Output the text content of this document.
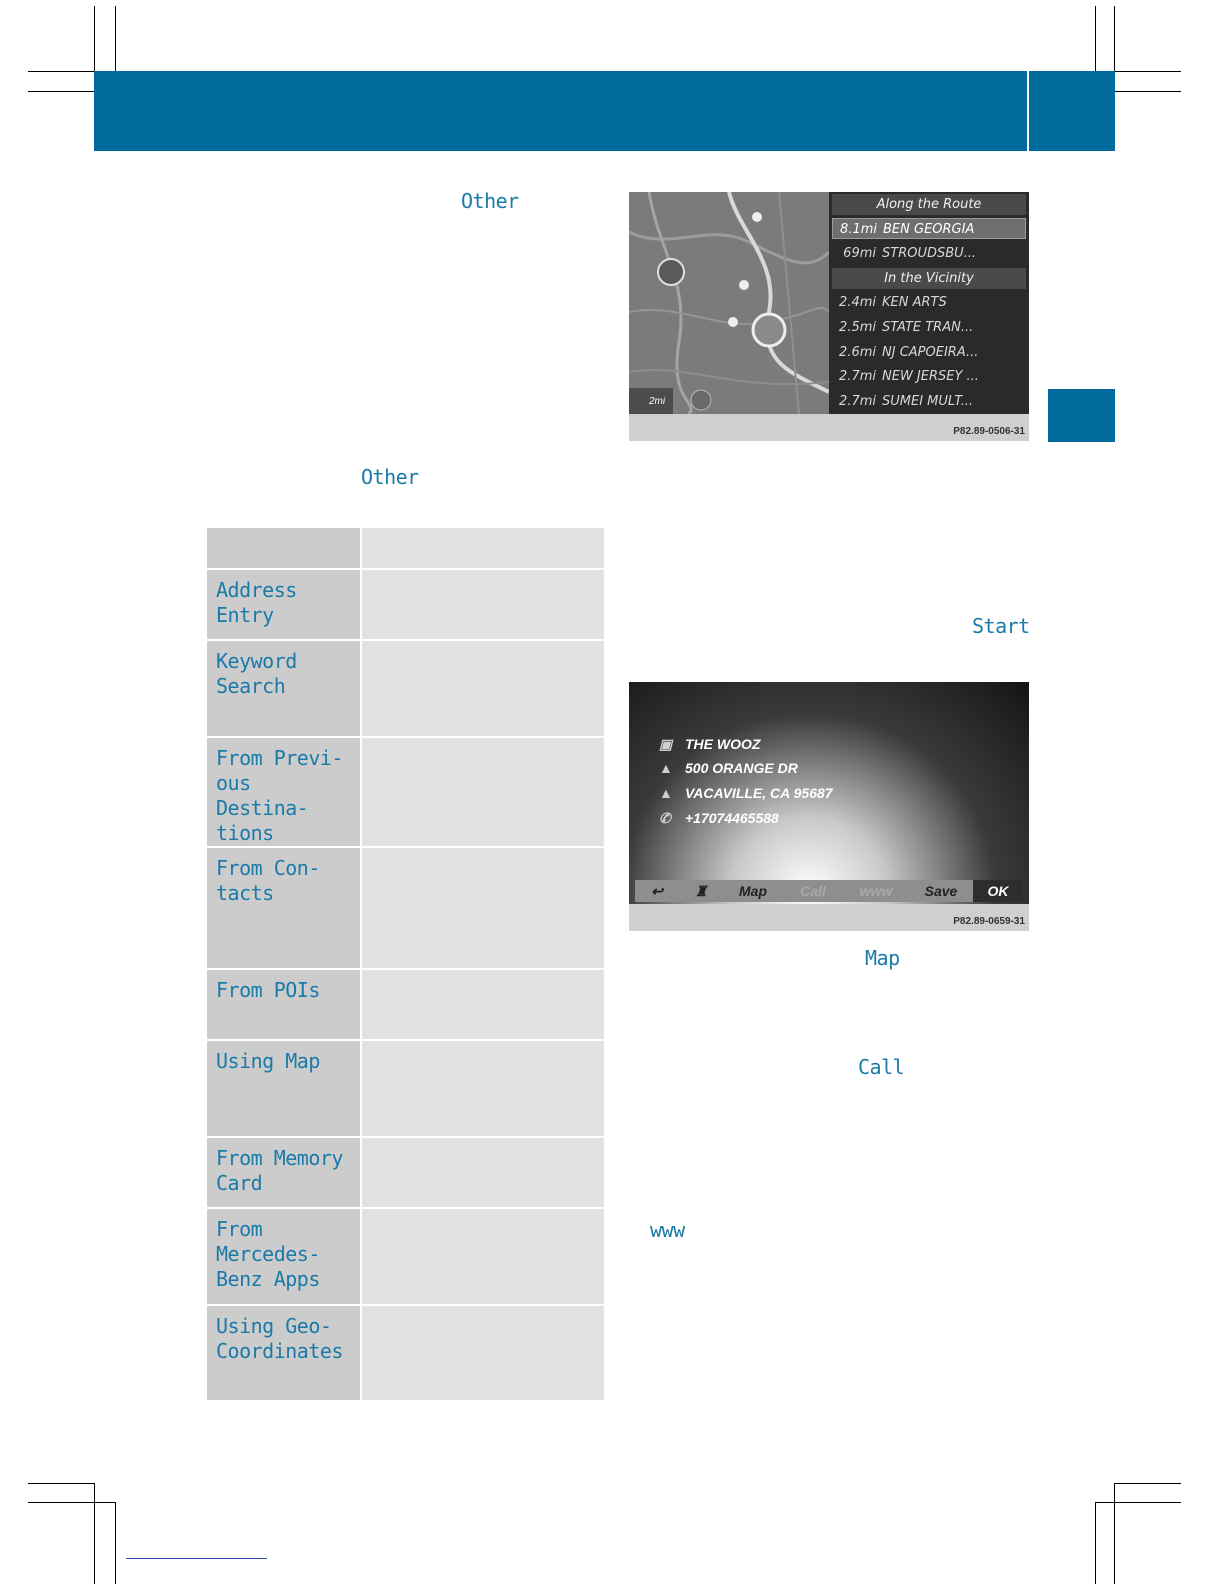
Other
Other
Start
Map
Call
www

Address
Entry	

Keyword
Search	

From Previ-
ous Destina-
tions	

From Con-
tacts	

From POIs	

Using Map	

From Memory
Card	

From
Mercedes-
Benz Apps	

Using Geo-
Coordinates	

2mi
Along the Route
8.1mi BEN GEORGIA
69mi STROUDSBU...
In the Vicinity
2.4mi KEN ARTS
2.5mi STATE TRAN...
2.6mi NJ CAPOEIRA...
2.7mi NEW JERSEY ...
2.7mi SUMEI MULT...
P82.89-0506-31
▣ THE WOOZ
▲ 500 ORANGE DR
▲ VACAVILLE, CA 95687
✆ +17074465588
↩	♜	Map	Call	www	Save	OK
P82.89-0659-31
